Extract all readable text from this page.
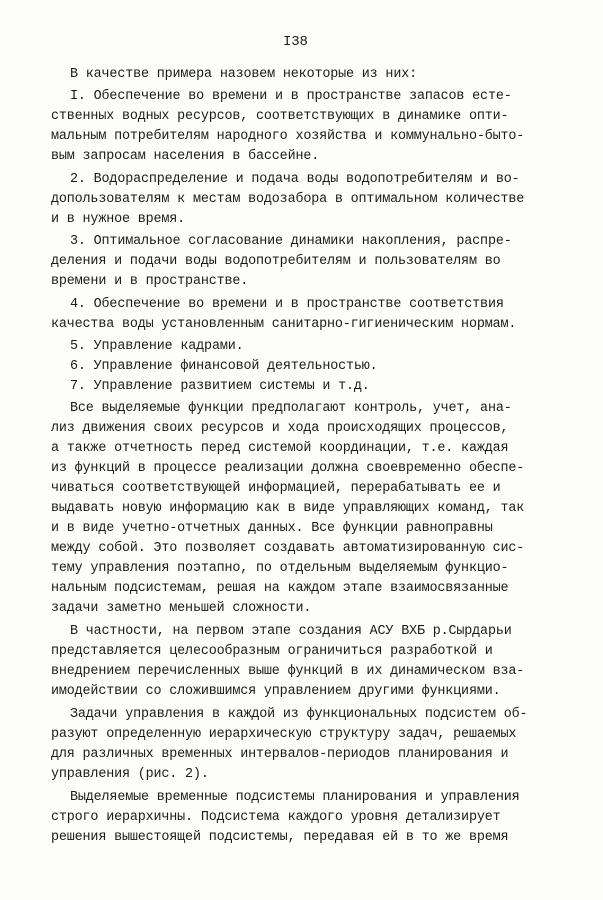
I38

В качестве примера назовем некоторые из них:

I. Обеспечение во времени и в пространстве запасов есте-

ственных водных ресурсов, соответствующих в динамике опти-

мальным потребителям народного хозяйства и коммунально-быто-

вым запросам населения в бассейне.

2. Водораспределение и подача воды водопотребителям и во-

допользователям к местам водозабора в оптимальном количестве

и в нужное время.

3. Оптимальное согласование динамики накопления, распре-

деления и подачи воды водопотребителям и пользователям во

времени и в пространстве.

4. Обеспечение во времени и в пространстве соответствия

качества воды установленным санитарно-гигиеническим нормам.

5. Управление кадрами.

6. Управление финансовой деятельностью.

7. Управление развитием системы и т.д.

Все выделяемые функции предполагают контроль, учет, ана-

лиз движения своих ресурсов и хода происходящих процессов,

а также отчетность перед системой координации, т.е. каждая

из функций в процессе реализации должна своевременно обеспе-

чиваться соответствующей информацией, перерабатывать ее и

выдавать новую информацию как в виде управляющих команд, так

и в виде учетно-отчетных данных. Все функции равноправны

между собой. Это позволяет создавать автоматизированную сис-

тему управления поэтапно, по отдельным выделяемым функцио-

нальным подсистемам, решая на каждом этапе взаимосвязанные

задачи заметно меньшей сложности.

В частности, на первом этапе создания АСУ ВХБ р.Сырдарьи

представляется целесообразным ограничиться разработкой и

внедрением перечисленных выше функций в их динамическом вза-

имодействии со сложившимся управлением другими функциями.

Задачи управления в каждой из функциональных подсистем об-

разуют определенную иерархическую структуру задач, решаемых

для различных временных интервалов-периодов планирования и

управления (рис. 2).

Выделяемые временные подсистемы планирования и управления

строго иерархичны. Подсистема каждого уровня детализирует

решения вышестоящей подсистемы, передавая ей в то же время
